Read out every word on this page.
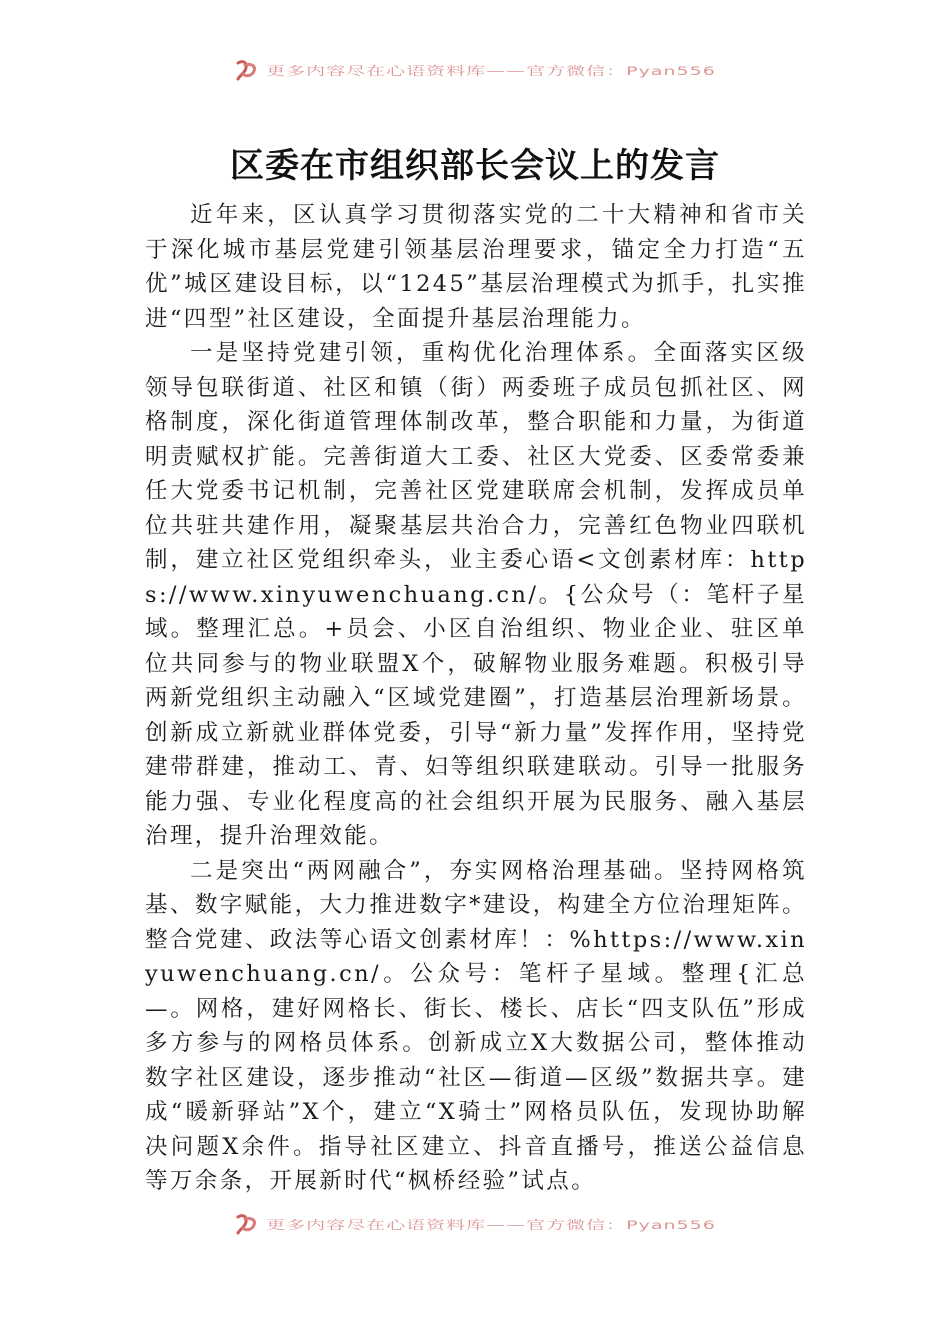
更多内容尽在心语资料库——官方微信：Pyan556
区委在市组织部长会议上的发言

近年来，区认真学习贯彻落实党的二十大精神和省市关于深化城市基层党建引领基层治理要求，锚定全力打造“五优”城区建设目标，以“1245”基层治理模式为抓手，扎实推进“四型”社区建设，全面提升基层治理能力。

一是坚持党建引领，重构优化治理体系。全面落实区级领导包联街道、社区和镇（街）两委班子成员包抓社区、网格制度，深化街道管理体制改革，整合职能和力量，为街道明责赋权扩能。完善街道大工委、社区大党委、区委常委兼任大党委书记机制，完善社区党建联席会机制，发挥成员单位共驻共建作用，凝聚基层共治合力，完善红色物业四联机制，建立社区党组织牵头，业主委心语<文创素材库：https://www.xinyuwenchuang.cn/。{公众号（：笔杆子星域。整理汇总。+员会、小区自治组织、物业企业、驻区单位共同参与的物业联盟X个，破解物业服务难题。积极引导两新党组织主动融入“区域党建圈”，打造基层治理新场景。创新成立新就业群体党委，引导“新力量”发挥作用，坚持党建带群建，推动工、青、妇等组织联建联动。引导一批服务能力强、专业化程度高的社会组织开展为民服务、融入基层治理，提升治理效能。

二是突出“两网融合”，夯实网格治理基础。坚持网格筑基、数字赋能，大力推进数字*建设，构建全方位治理矩阵。整合党建、政法等心语文创素材库！：%https://www.xinyuwenchuang.cn/。公众号：笔杆子星域。整理{汇总—。网格，建好网格长、街长、楼长、店长“四支队伍”形成多方参与的网格员体系。创新成立X大数据公司，整体推动数字社区建设，逐步推动“社区—街道—区级”数据共享。建成“暖新驿站”X个，建立“X骑士”网格员队伍，发现协助解决问题X余件。指导社区建立、抖音直播号，推送公益信息等万余条，开展新时代“枫桥经验”试点。

更多内容尽在心语资料库——官方微信：Pyan556
